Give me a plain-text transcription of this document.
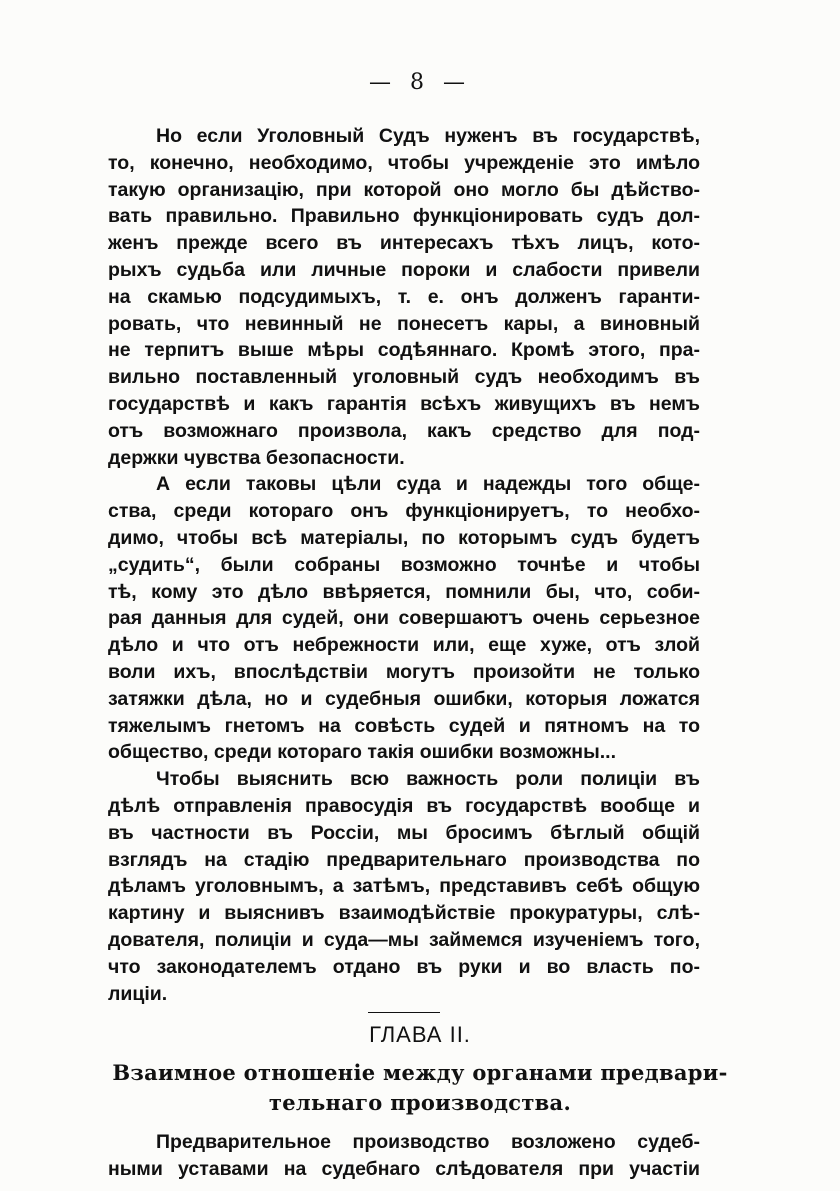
— 8 —
Но если Уголовный Судъ нуженъ въ государствѣ,
то, конечно, необходимо, чтобы учрежденіе это имѣло
такую организацію, при которой оно могло бы дѣйство-
вать правильно. Правильно функціонировать судъ дол-
женъ прежде всего въ интересахъ тѣхъ лицъ, кото-
рыхъ судьба или личные пороки и слабости привели
на скамью подсудимыхъ, т. е. онъ долженъ гаранти-
ровать, что невинный не понесетъ кары, а виновный
не терпитъ выше мѣры содѣяннаго. Кромѣ этого, пра-
вильно поставленный уголовный судъ необходимъ въ
государствѣ и какъ гарантія всѣхъ живущихъ въ немъ
отъ возможнаго произвола, какъ средство для под-
держки чувства безопасности.
А если таковы цѣли суда и надежды того обще-
ства, среди котораго онъ функціонируетъ, то необхо-
димо, чтобы всѣ матеріалы, по которымъ судъ будетъ
„судить“, были собраны возможно точнѣе и чтобы
тѣ, кому это дѣло ввѣряется, помнили бы, что, соби-
рая данныя для судей, они совершаютъ очень серьезное
дѣло и что отъ небрежности или, еще хуже, отъ злой
воли ихъ, впослѣдствіи могутъ произойти не только
затяжки дѣла, но и судебныя ошибки, которыя ложатся
тяжелымъ гнетомъ на совѣсть судей и пятномъ на то
общество, среди котораго такія ошибки возможны...
Чтобы выяснить всю важность роли полиціи въ
дѣлѣ отправленія правосудія въ государствѣ вообще и
въ частности въ Россіи, мы бросимъ бѣглый общій
взглядъ на стадію предварительнаго производства по
дѣламъ уголовнымъ, а затѣмъ, представивъ себѣ общую
картину и выяснивъ взаимодѣйствіе прокуратуры, слѣ-
дователя, полиціи и суда—мы займемся изученіемъ того,
что законодателемъ отдано въ руки и во власть по-
лиціи.
ГЛАВА II.
Взаимное отношеніе между органами предвари-
тельнаго производства.
Предварительное производство возложено судеб-
ными уставами на судебнаго слѣдователя при участіи
